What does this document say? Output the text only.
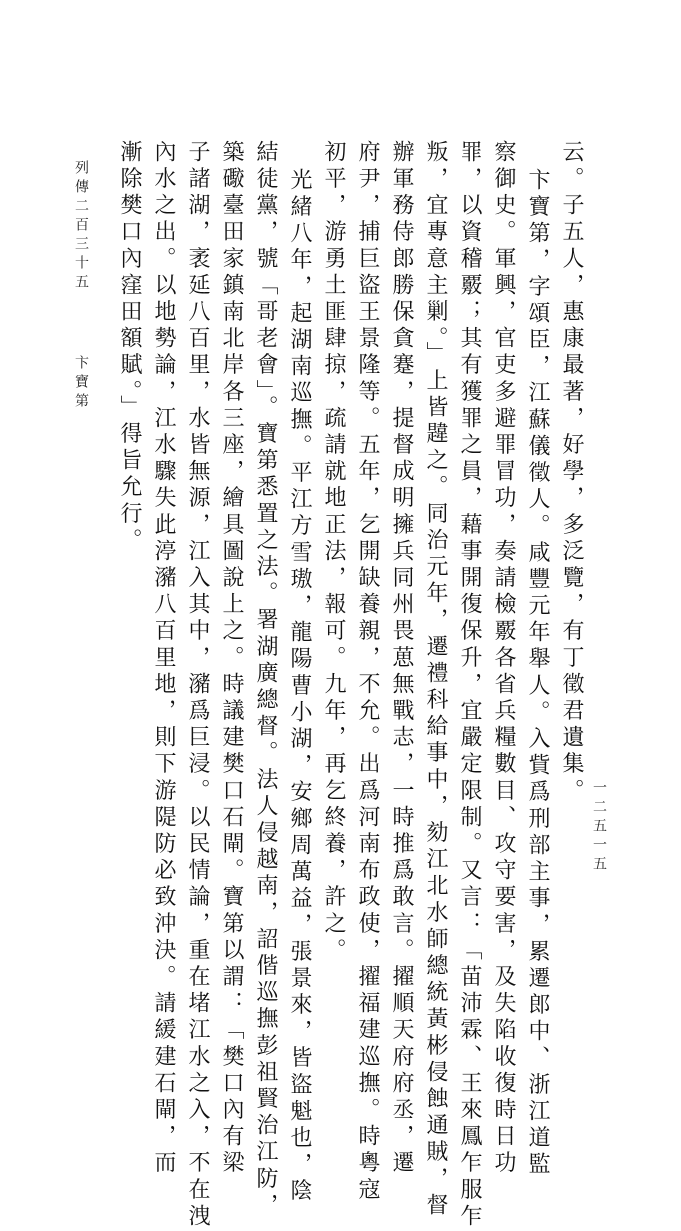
云。子五人，惠康最著，好學，多泛覽，有丁徵君遺集。
卞寶第，字頌臣，江蘇儀徵人。咸豐元年舉人。入貲爲刑部主事，累遷郎中、浙江道監
察御史。軍興，官吏多避罪冒功，奏請檢覈各省兵糧數目、攻守要害，及失陷收復時日功
罪，以資稽覈；其有獲罪之員，藉事開復保升，宜嚴定限制。又言：「苗沛霖、王來鳳乍服乍
叛，宜專意主剿。」上皆韙之。同治元年，遷禮科給事中，劾江北水師總統黃彬侵蝕通賊，督
辦軍務侍郎勝保貪蹇，提督成明擁兵同州畏葸無戰志，一時推爲敢言。擢順天府府丞，遷
府尹，捕巨盜王景隆等。五年，乞開缺養親，不允。出爲河南布政使，擢福建巡撫。時粵寇
初平，游勇土匪肆掠，疏請就地正法，報可。九年，再乞終養，許之。
光緒八年，起湖南巡撫。平江方雪璈，龍陽曹小湖，安鄉周萬益，張景來，皆盜魁也，陰
結徒黨，號「哥老會」。寶第悉置之法。署湖廣總督。法人侵越南，詔偕巡撫彭祖賢治江防，
築礮臺田家鎮南北岸各三座，繪具圖說上之。時議建樊口石閘。寶第以謂：「樊口內有梁
子諸湖，袤延八百里，水皆無源，江入其中，瀦爲巨浸。以民情論，重在堵江水之入，不在洩
內水之出。以地勢論，江水驟失此渟瀦八百里地，則下游隄防必致沖決。請緩建石閘，而
漸除樊口內窪田額賦。」得旨允行。
列傳二百三十五
卞寶第
一二五一五
